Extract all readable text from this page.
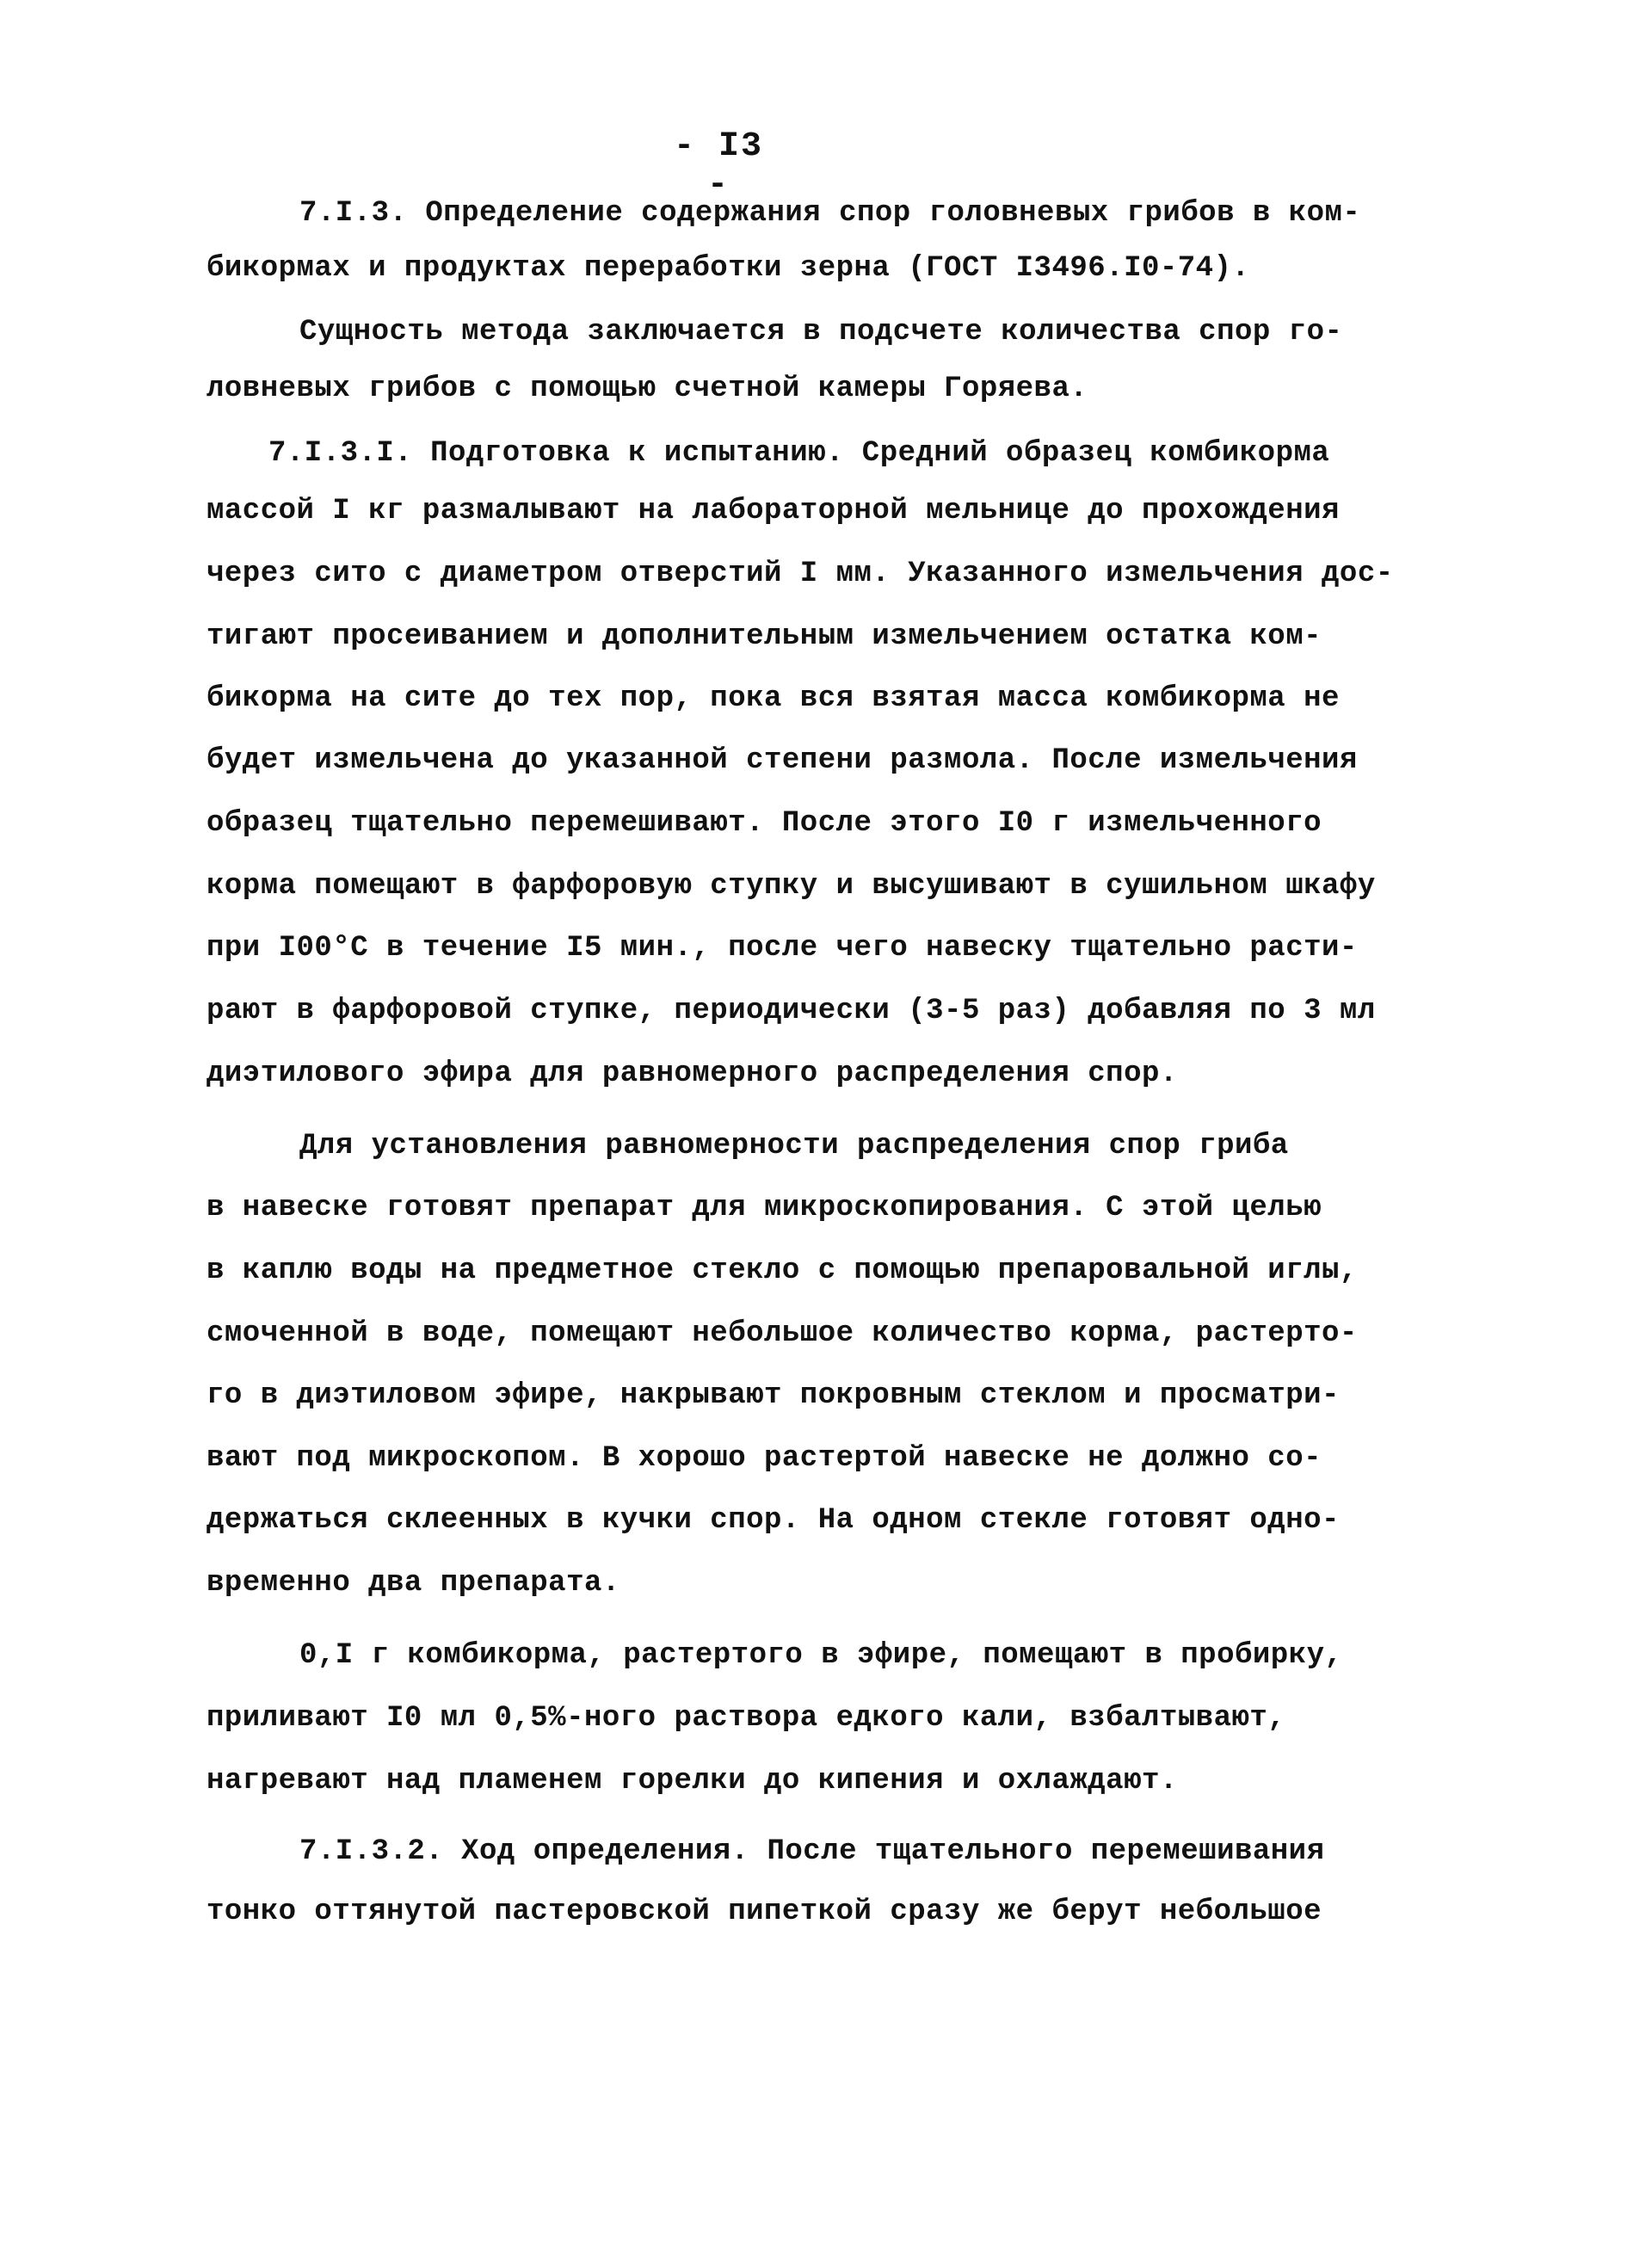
- I3 -
7.I.3. Определение содержания спор головневых грибов в ком-
бикормах и продуктах переработки зерна (ГОСТ I3496.I0-74).
Сущность метода заключается в подсчете количества спор го-
ловневых грибов с помощью счетной камеры Горяева.
7.I.3.I. Подготовка к испытанию. Средний образец комбикорма
массой I кг размалывают на лабораторной мельнице до прохождения
через сито с диаметром отверстий I мм. Указанного измельчения дос-
тигают просеиванием и дополнительным измельчением остатка ком-
бикорма на сите до тех пор, пока вся взятая масса комбикорма не
будет измельчена до указанной степени размола. После измельчения
образец тщательно перемешивают. После этого I0 г измельченного
корма помещают в фарфоровую ступку и высушивают в сушильном шкафу
при I00°С в течение I5 мин., после чего навеску тщательно расти-
рают в фарфоровой ступке, периодически (3-5 раз) добавляя по 3 мл
диэтилового эфира для равномерного распределения спор.
Для установления равномерности распределения спор гриба
в навеске готовят препарат для микроскопирования. С этой целью
в каплю воды на предметное стекло с помощью препаровальной иглы,
смоченной в воде, помещают небольшое количество корма, растерто-
го в диэтиловом эфире, накрывают покровным стеклом и просматри-
вают под микроскопом. В хорошо растертой навеске не должно со-
держаться склеенных в кучки спор. На одном стекле готовят одно-
временно два препарата.
0,I г комбикорма, растертого в эфире, помещают в пробирку,
приливают I0 мл 0,5%-ного раствора едкого кали, взбалтывают,
нагревают над пламенем горелки до кипения и охлаждают.
7.I.3.2. Ход определения. После тщательного перемешивания
тонко оттянутой пастеровской пипеткой сразу же берут небольшое
